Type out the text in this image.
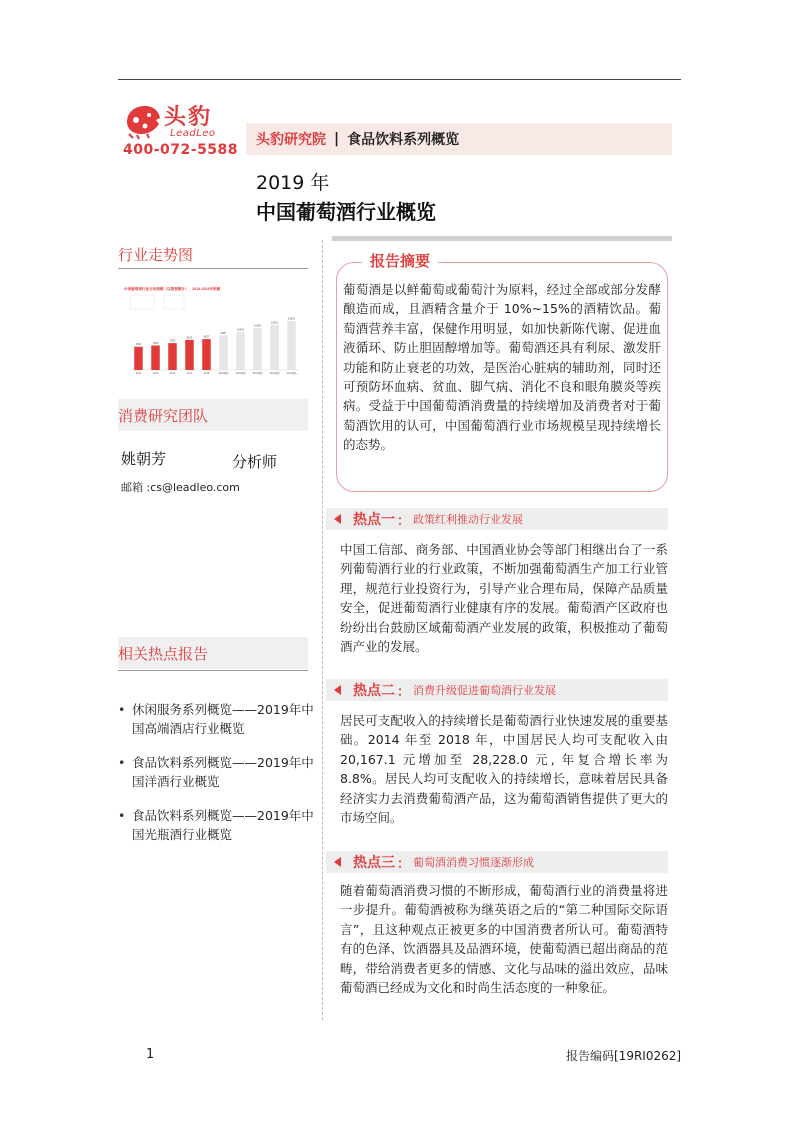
头豹
LeadLeo
400-072-5588
头豹研究院 | 食品饮料系列概览
2019 年
中国葡萄酒行业概览
行业走势图
中国葡萄酒行业市场规模（以销售额计），2014-2023年预测
6651
2014
7003
2015
7683
2016
8613
2017
8827
2018
9887
2019预测
10832
2020预测
11983
2021预测
12831
2022预测
13951
2023预测
消费研究团队
姚朝芳	分析师
邮箱 :cs@leadleo.com
相关热点报告
• 休闲服务系列概览——2019年中国高端酒店行业概览
• 食品饮料系列概览——2019年中国洋酒行业概览
• 食品饮料系列概览——2019年中国光瓶酒行业概览
报告摘要
葡萄酒是以鲜葡萄或葡萄汁为原料，经过全部或部分发酵酿造而成，且酒精含量介于 10%~15%的酒精饮品。葡萄酒营养丰富，保健作用明显，如加快新陈代谢、促进血液循环、防止胆固醇增加等。葡萄酒还具有利尿、激发肝功能和防止衰老的功效，是医治心脏病的辅助剂，同时还可预防坏血病、贫血、脚气病、消化不良和眼角膜炎等疾病。受益于中国葡萄酒消费量的持续增加及消费者对于葡萄酒饮用的认可，中国葡萄酒行业市场规模呈现持续增长的态势。
热点一 ： 政策红利推动行业发展
中国工信部、商务部、中国酒业协会等部门相继出台了一系列葡萄酒行业的行业政策，不断加强葡萄酒生产加工行业管理，规范行业投资行为，引导产业合理布局，保障产品质量安全，促进葡萄酒行业健康有序的发展。葡萄酒产区政府也纷纷出台鼓励区域葡萄酒产业发展的政策，积极推动了葡萄酒产业的发展。
热点二 ： 消费升级促进葡萄酒行业发展
居民可支配收入的持续增长是葡萄酒行业快速发展的重要基础。2014 年至 2018 年，中国居民人均可支配收入由 20,167.1 元增加至 28,228.0 元, 年复合增长率为 8.8%。居民人均可支配收入的持续增长，意味着居民具备经济实力去消费葡萄酒产品，这为葡萄酒销售提供了更大的市场空间。
热点三 ： 葡萄酒消费习惯逐渐形成
随着葡萄酒消费习惯的不断形成，葡萄酒行业的消费量将进一步提升。葡萄酒被称为继英语之后的“第二种国际交际语言”，且这种观点正被更多的中国消费者所认可。葡萄酒特有的色泽、饮酒器具及品酒环境，使葡萄酒已超出商品的范畴，带给消费者更多的情感、文化与品味的溢出效应，品味葡萄酒已经成为文化和时尚生活态度的一种象征。
1	报告编码[19RI0262]
